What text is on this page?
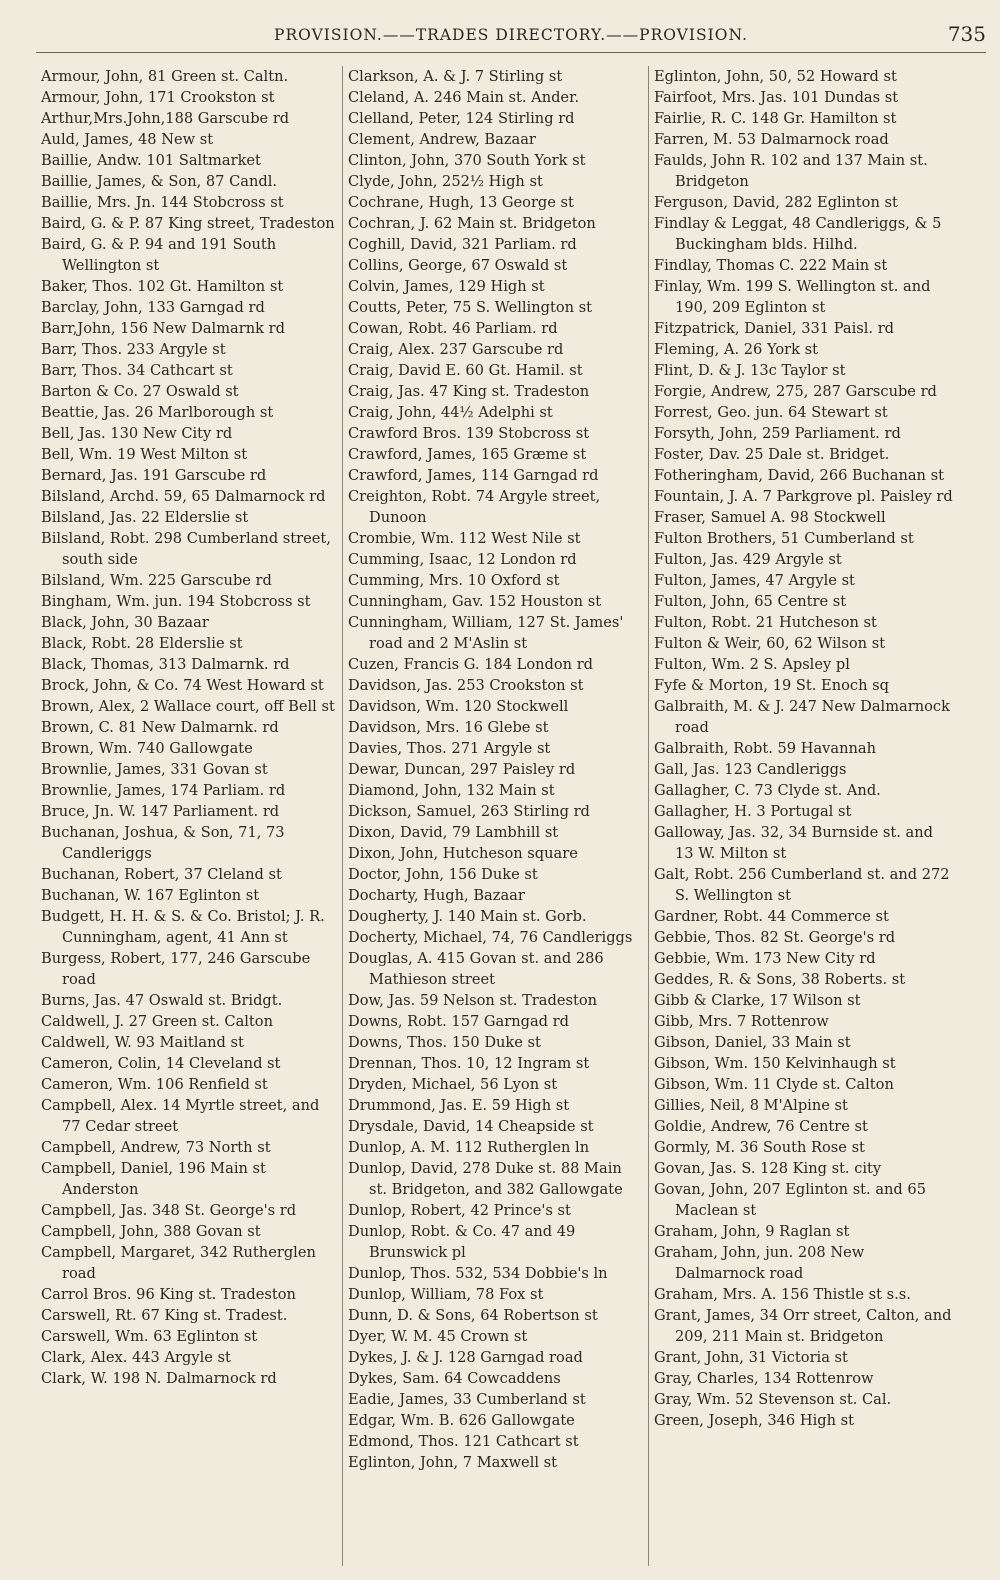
PROVISION.——TRADES DIRECTORY.——PROVISION.	735
Armour, John, 81 Green st. Caltn.
Armour, John, 171 Crookston st
Arthur,Mrs.John,188 Garscube rd
Auld, James, 48 New st
Baillie, Andw. 101 Saltmarket
Baillie, James, & Son, 87 Candl.
Baillie, Mrs. Jn. 144 Stobcross st
Baird, G. & P. 87 King street, Tradeston
Baird, G. & P. 94 and 191 South Wellington st
Baker, Thos. 102 Gt. Hamilton st
Barclay, John, 133 Garngad rd
Barr,John, 156 New Dalmarnk rd
Barr, Thos. 233 Argyle st
Barr, Thos. 34 Cathcart st
Barton & Co. 27 Oswald st
Beattie, Jas. 26 Marlborough st
Bell, Jas. 130 New City rd
Bell, Wm. 19 West Milton st
Bernard, Jas. 191 Garscube rd
Bilsland, Archd. 59, 65 Dalmarnock rd
Bilsland, Jas. 22 Elderslie st
Bilsland, Robt. 298 Cumberland street, south side
Bilsland, Wm. 225 Garscube rd
Bingham, Wm. jun. 194 Stobcross st
Black, John, 30 Bazaar
Black, Robt. 28 Elderslie st
Black, Thomas, 313 Dalmarnk. rd
Brock, John, & Co. 74 West Howard st
Brown, Alex, 2 Wallace court, off Bell st
Brown, C. 81 New Dalmarnk. rd
Brown, Wm. 740 Gallowgate
Brownlie, James, 331 Govan st
Brownlie, James, 174 Parliam. rd
Bruce, Jn. W. 147 Parliament. rd
Buchanan, Joshua, & Son, 71, 73 Candleriggs
Buchanan, Robert, 37 Cleland st
Buchanan, W. 167 Eglinton st
Budgett, H. H. & S. & Co. Bristol; J. R. Cunningham, agent, 41 Ann st
Burgess, Robert, 177, 246 Garscube road
Burns, Jas. 47 Oswald st. Bridgt.
Caldwell, J. 27 Green st. Calton
Caldwell, W. 93 Maitland st
Cameron, Colin, 14 Cleveland st
Cameron, Wm. 106 Renfield st
Campbell, Alex. 14 Myrtle street, and 77 Cedar street
Campbell, Andrew, 73 North st
Campbell, Daniel, 196 Main st Anderston
Campbell, Jas. 348 St. George's rd
Campbell, John, 388 Govan st
Campbell, Margaret, 342 Rutherglen road
Carrol Bros. 96 King st. Tradeston
Carswell, Rt. 67 King st. Tradest.
Carswell, Wm. 63 Eglinton st
Clark, Alex. 443 Argyle st
Clark, W. 198 N. Dalmarnock rd
Clarkson, A. & J. 7 Stirling st
Cleland, A. 246 Main st. Ander.
Clelland, Peter, 124 Stirling rd
Clement, Andrew, Bazaar
Clinton, John, 370 South York st
Clyde, John, 252½ High st
Cochrane, Hugh, 13 George st
Cochran, J. 62 Main st. Bridgeton
Coghill, David, 321 Parliam. rd
Collins, George, 67 Oswald st
Colvin, James, 129 High st
Coutts, Peter, 75 S. Wellington st
Cowan, Robt. 46 Parliam. rd
Craig, Alex. 237 Garscube rd
Craig, David E. 60 Gt. Hamil. st
Craig, Jas. 47 King st. Tradeston
Craig, John, 44½ Adelphi st
Crawford Bros. 139 Stobcross st
Crawford, James, 165 Græme st
Crawford, James, 114 Garngad rd
Creighton, Robt. 74 Argyle street, Dunoon
Crombie, Wm. 112 West Nile st
Cumming, Isaac, 12 London rd
Cumming, Mrs. 10 Oxford st
Cunningham, Gav. 152 Houston st
Cunningham, William, 127 St. James' road and 2 M'Aslin st
Cuzen, Francis G. 184 London rd
Davidson, Jas. 253 Crookston st
Davidson, Wm. 120 Stockwell
Davidson, Mrs. 16 Glebe st
Davies, Thos. 271 Argyle st
Dewar, Duncan, 297 Paisley rd
Diamond, John, 132 Main st
Dickson, Samuel, 263 Stirling rd
Dixon, David, 79 Lambhill st
Dixon, John, Hutcheson square
Doctor, John, 156 Duke st
Docharty, Hugh, Bazaar
Dougherty, J. 140 Main st. Gorb.
Docherty, Michael, 74, 76 Candleriggs
Douglas, A. 415 Govan st. and 286 Mathieson street
Dow, Jas. 59 Nelson st. Tradeston
Downs, Robt. 157 Garngad rd
Downs, Thos. 150 Duke st
Drennan, Thos. 10, 12 Ingram st
Dryden, Michael, 56 Lyon st
Drummond, Jas. E. 59 High st
Drysdale, David, 14 Cheapside st
Dunlop, A. M. 112 Rutherglen ln
Dunlop, David, 278 Duke st. 88 Main st. Bridgeton, and 382 Gallowgate
Dunlop, Robert, 42 Prince's st
Dunlop, Robt. & Co. 47 and 49 Brunswick pl
Dunlop, Thos. 532, 534 Dobbie's ln
Dunlop, William, 78 Fox st
Dunn, D. & Sons, 64 Robertson st
Dyer, W. M. 45 Crown st
Dykes, J. & J. 128 Garngad road
Dykes, Sam. 64 Cowcaddens
Eadie, James, 33 Cumberland st
Edgar, Wm. B. 626 Gallowgate
Edmond, Thos. 121 Cathcart st
Eglinton, John, 7 Maxwell st
Eglinton, John, 50, 52 Howard st
Fairfoot, Mrs. Jas. 101 Dundas st
Fairlie, R. C. 148 Gr. Hamilton st
Farren, M. 53 Dalmarnock road
Faulds, John R. 102 and 137 Main st. Bridgeton
Ferguson, David, 282 Eglinton st
Findlay & Leggat, 48 Candleriggs, & 5 Buckingham blds. Hilhd.
Findlay, Thomas C. 222 Main st
Finlay, Wm. 199 S. Wellington st. and 190, 209 Eglinton st
Fitzpatrick, Daniel, 331 Paisl. rd
Fleming, A. 26 York st
Flint, D. & J. 13c Taylor st
Forgie, Andrew, 275, 287 Garscube rd
Forrest, Geo. jun. 64 Stewart st
Forsyth, John, 259 Parliament. rd
Foster, Dav. 25 Dale st. Bridget.
Fotheringham, David, 266 Buchanan st
Fountain, J. A. 7 Parkgrove pl. Paisley rd
Fraser, Samuel A. 98 Stockwell
Fulton Brothers, 51 Cumberland st
Fulton, Jas. 429 Argyle st
Fulton, James, 47 Argyle st
Fulton, John, 65 Centre st
Fulton, Robt. 21 Hutcheson st
Fulton & Weir, 60, 62 Wilson st
Fulton, Wm. 2 S. Apsley pl
Fyfe & Morton, 19 St. Enoch sq
Galbraith, M. & J. 247 New Dalmarnock road
Galbraith, Robt. 59 Havannah
Gall, Jas. 123 Candleriggs
Gallagher, C. 73 Clyde st. And.
Gallagher, H. 3 Portugal st
Galloway, Jas. 32, 34 Burnside st. and 13 W. Milton st
Galt, Robt. 256 Cumberland st. and 272 S. Wellington st
Gardner, Robt. 44 Commerce st
Gebbie, Thos. 82 St. George's rd
Gebbie, Wm. 173 New City rd
Geddes, R. & Sons, 38 Roberts. st
Gibb & Clarke, 17 Wilson st
Gibb, Mrs. 7 Rottenrow
Gibson, Daniel, 33 Main st
Gibson, Wm. 150 Kelvinhaugh st
Gibson, Wm. 11 Clyde st. Calton
Gillies, Neil, 8 M'Alpine st
Goldie, Andrew, 76 Centre st
Gormly, M. 36 South Rose st
Govan, Jas. S. 128 King st. city
Govan, John, 207 Eglinton st. and 65 Maclean st
Graham, John, 9 Raglan st
Graham, John, jun. 208 New Dalmarnock road
Graham, Mrs. A. 156 Thistle st s.s.
Grant, James, 34 Orr street, Calton, and 209, 211 Main st. Bridgeton
Grant, John, 31 Victoria st
Gray, Charles, 134 Rottenrow
Gray, Wm. 52 Stevenson st. Cal.
Green, Joseph, 346 High st
